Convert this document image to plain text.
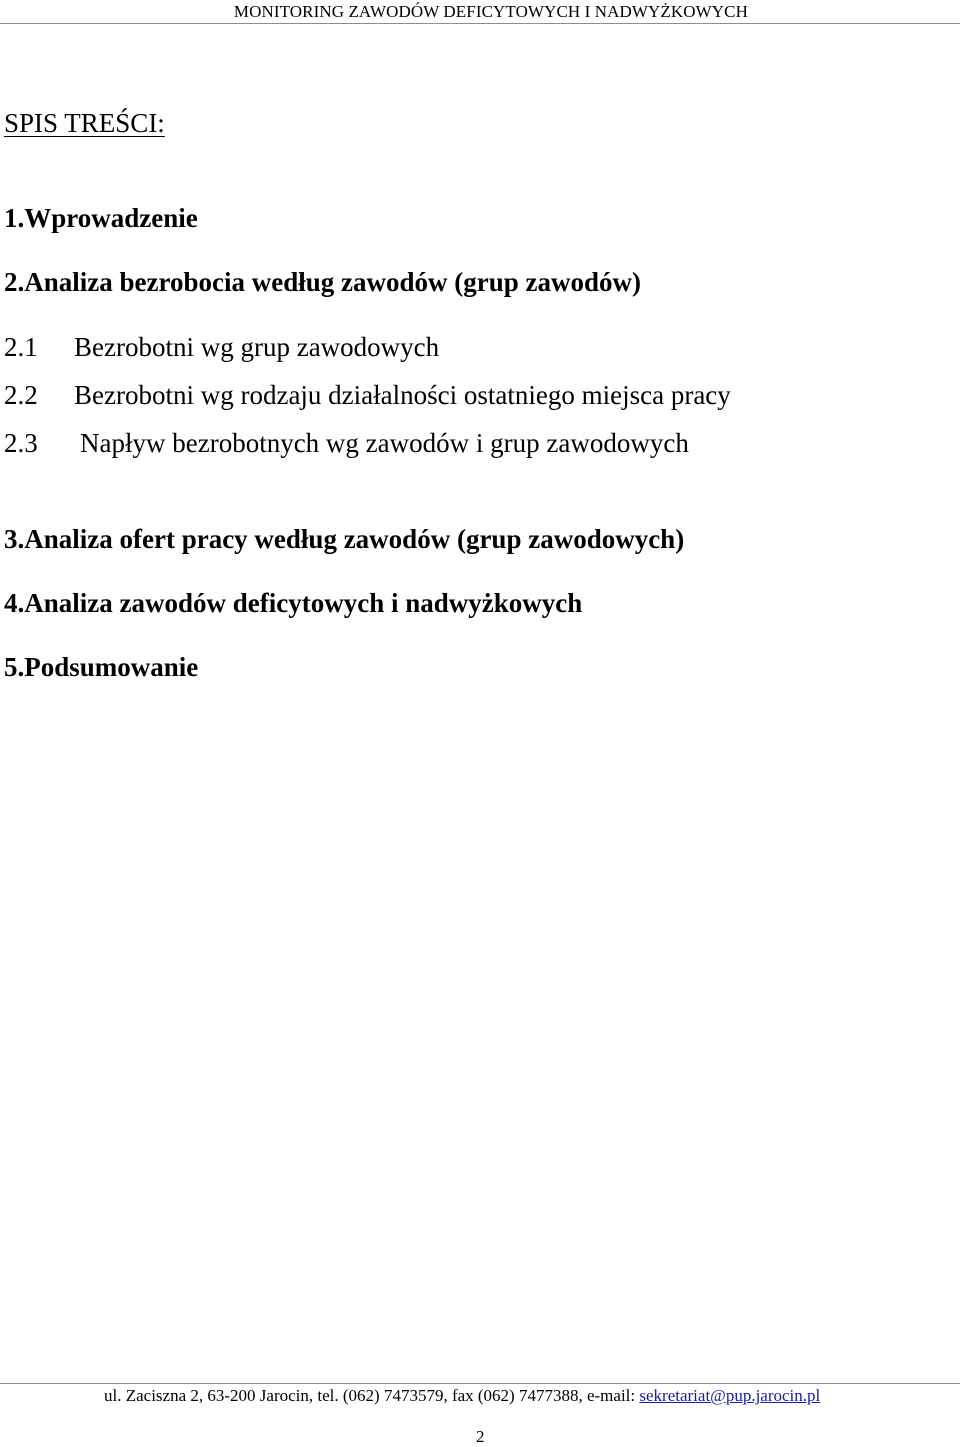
MONITORING ZAWODÓW DEFICYTOWYCH I NADWYŻKOWYCH
SPIS TREŚCI:
1.Wprowadzenie
2.Analiza bezrobocia według zawodów (grup zawodów)
2.1 Bezrobotni wg grup zawodowych
2.2 Bezrobotni wg rodzaju działalności ostatniego miejsca pracy
2.3 Napływ bezrobotnych wg zawodów i grup zawodowych
3.Analiza ofert pracy według zawodów (grup zawodowych)
4.Analiza zawodów deficytowych i nadwyżkowych
5.Podsumowanie
ul. Zaciszna 2, 63-200 Jarocin, tel. (062) 7473579, fax (062) 7477388, e-mail: sekretariat@pup.jarocin.pl
2
